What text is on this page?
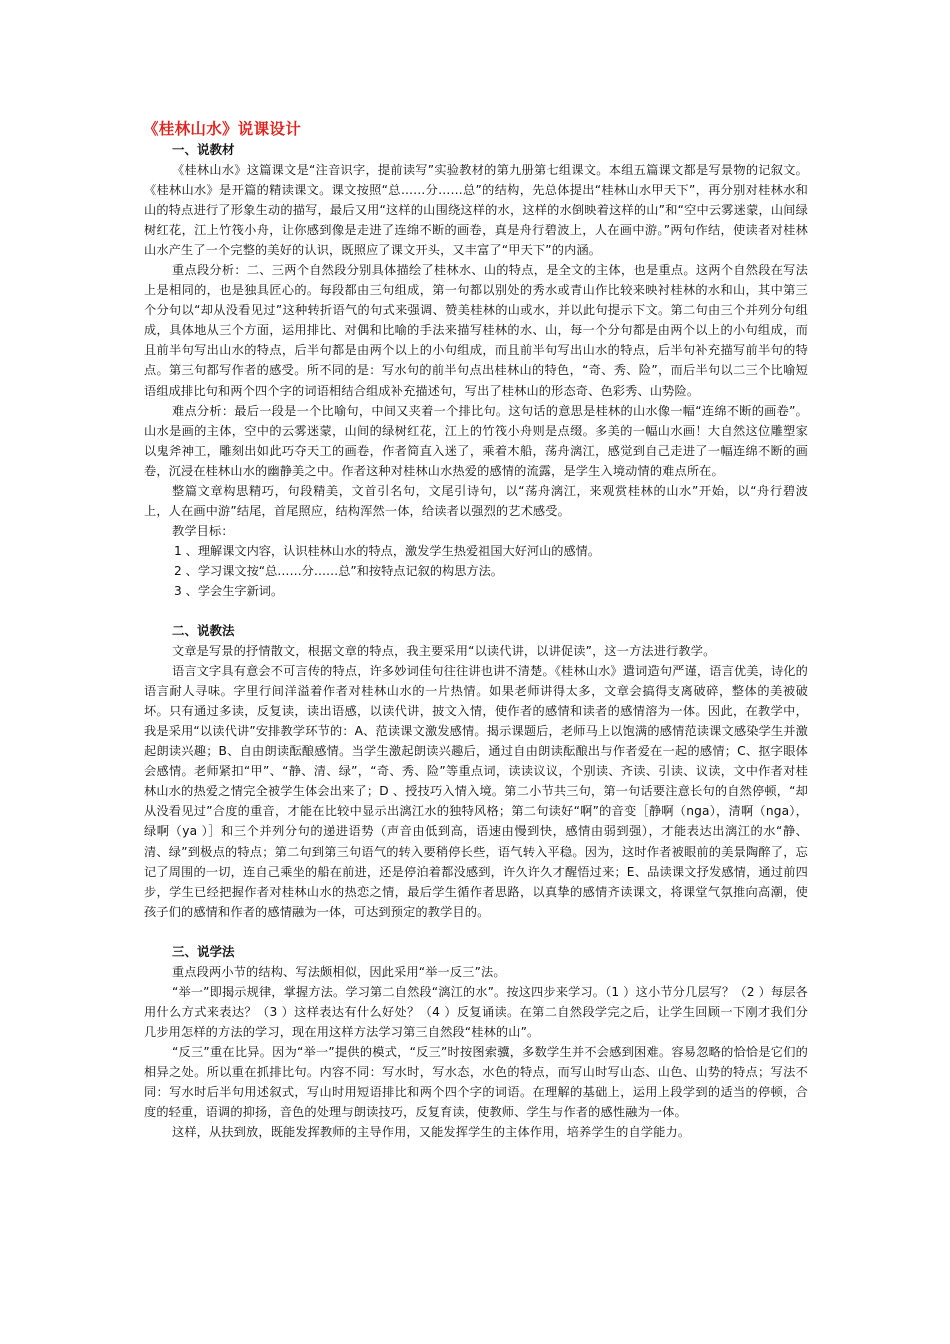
《桂林山水》说课设计
一、说教材
《桂林山水》这篇课文是“注音识字，提前读写”实验教材的第九册第七组课文。本组五篇课文都是写景物的记叙文。《桂林山水》是开篇的精读课文。课文按照“总……分……总”的结构，先总体提出“桂林山水甲天下”，再分别对桂林水和山的特点进行了形象生动的描写，最后又用“这样的山围绕这样的水，这样的水倒映着这样的山”和“空中云雾迷蒙，山间绿树红花，江上竹筏小舟，让你感到像是走进了连绵不断的画卷，真是舟行碧波上，人在画中游。”两句作结，使读者对桂林山水产生了一个完整的美好的认识，既照应了课文开头，又丰富了“甲天下”的内涵。
重点段分析：二、三两个自然段分别具体描绘了桂林水、山的特点，是全文的主体，也是重点。这两个自然段在写法上是相同的，也是独具匠心的。每段都由三句组成，第一句都以别处的秀水或青山作比较来映衬桂林的水和山，其中第三个分句以“却从没看见过”这种转折语气的句式来强调、赞美桂林的山或水，并以此句提示下文。第二句由三个并列分句组成，具体地从三个方面，运用排比、对偶和比喻的手法来描写桂林的水、山，每一个分句都是由两个以上的小句组成，而且前半句写出山水的特点，后半句都是由两个以上的小句组成，而且前半句写出山水的特点，后半句补充描写前半句的特点。第三句都写作者的感受。所不同的是：写水句的前半句点出桂林山的特色，“奇、秀、险”，而后半句以二三个比喻短语组成排比句和两个四个字的词语相结合组成补充描述句，写出了桂林山的形态奇、色彩秀、山势险。
难点分析：最后一段是一个比喻句，中间又夹着一个排比句。这句话的意思是桂林的山水像一幅“连绵不断的画卷”。山水是画的主体，空中的云雾迷蒙，山间的绿树红花，江上的竹筏小舟则是点缀。多美的一幅山水画！大自然这位雕塑家以鬼斧神工，雕刻出如此巧夺天工的画卷，作者简直入迷了，乘着木船，荡舟漓江，感觉到自己走进了一幅连绵不断的画卷，沉浸在桂林山水的幽静美之中。作者这种对桂林山水热爱的感情的流露，是学生入境动情的难点所在。
整篇文章构思精巧，句段精美，文首引名句，文尾引诗句，以“荡舟漓江，来观赏桂林的山水”开始，以“舟行碧波上，人在画中游”结尾，首尾照应，结构浑然一体，给读者以强烈的艺术感受。
教学目标：
1 、理解课文内容，认识桂林山水的特点，激发学生热爱祖国大好河山的感情。
2 、学习课文按“总……分……总”和按特点记叙的构思方法。
3 、学会生字新词。
二、说教法
文章是写景的抒情散文，根据文章的特点，我主要采用“以读代讲，以讲促读”，这一方法进行教学。
语言文字具有意会不可言传的特点，许多妙词佳句往往讲也讲不清楚。《桂林山水》遣词造句严谨，语言优美，诗化的语言耐人寻味。字里行间洋溢着作者对桂林山水的一片热情。如果老师讲得太多，文章会搞得支离破碎，整体的美被破坏。只有通过多读，反复读，读出语感，以读代讲，披文入情，使作者的感情和读者的感情溶为一体。因此，在教学中，我是采用“以读代讲”安排教学环节的：A、范读课文激发感情。揭示课题后，老师马上以饱满的感情范读课文感染学生并激起朗读兴趣；B、自由朗读酝酿感情。当学生激起朗读兴趣后，通过自由朗读酝酿出与作者爱在一起的感情；C、抠字眼体会感情。老师紧扣“甲”、“静、清、绿”，“奇、秀、险”等重点词，读读议议，个别读、齐读、引读、议读，文中作者对桂林山水的热爱之情完全被学生体会出来了；D 、授技巧入情入境。第二小节共三句，第一句话要注意长句的自然停顿，“却从没看见过”合度的重音，才能在比较中显示出漓江水的独特风格；第二句读好“啊”的音变［静啊（nga），清啊（nga），绿啊（ya ）］和三个并列分句的递进语势（声音由低到高，语速由慢到快，感情由弱到强），才能表达出漓江的水“静、清、绿”到极点的特点；第二句到第三句语气的转入要稍停长些，语气转入平稳。因为，这时作者被眼前的美景陶醉了，忘记了周围的一切，连自己乘坐的船在前进，还是停泊着都没感到，许久许久才醒悟过来；E、品读课文抒发感情，通过前四步，学生已经把握作者对桂林山水的热恋之情，最后学生循作者思路，以真挚的感情齐读课文，将课堂气氛推向高潮，使孩子们的感情和作者的感情融为一体，可达到预定的教学目的。
三、说学法
重点段两小节的结构、写法颇相似，因此采用“举一反三”法。
“举一”即揭示规律，掌握方法。学习第二自然段“漓江的水”。按这四步来学习。（1 ）这小节分几层写？（2 ）每层各用什么方式来表达？（3 ）这样表达有什么好处？（4 ）反复诵读。在第二自然段学完之后，让学生回顾一下刚才我们分几步用怎样的方法的学习，现在用这样方法学习第三自然段“桂林的山”。
“反三”重在比异。因为“举一”提供的模式，“反三”时按图索骥，多数学生并不会感到困难。容易忽略的恰恰是它们的相异之处。所以重在抓排比句。内容不同：写水时，写水态，水色的特点，而写山时写山态、山色、山势的特点；写法不同：写水时后半句用述叙式，写山时用短语排比和两个四个字的词语。在理解的基础上，运用上段学到的适当的停顿，合度的轻重，语调的抑扬，音色的处理与朗读技巧，反复育读，使教师、学生与作者的感性融为一体。
这样，从扶到放，既能发挥教师的主导作用，又能发挥学生的主体作用，培养学生的自学能力。
